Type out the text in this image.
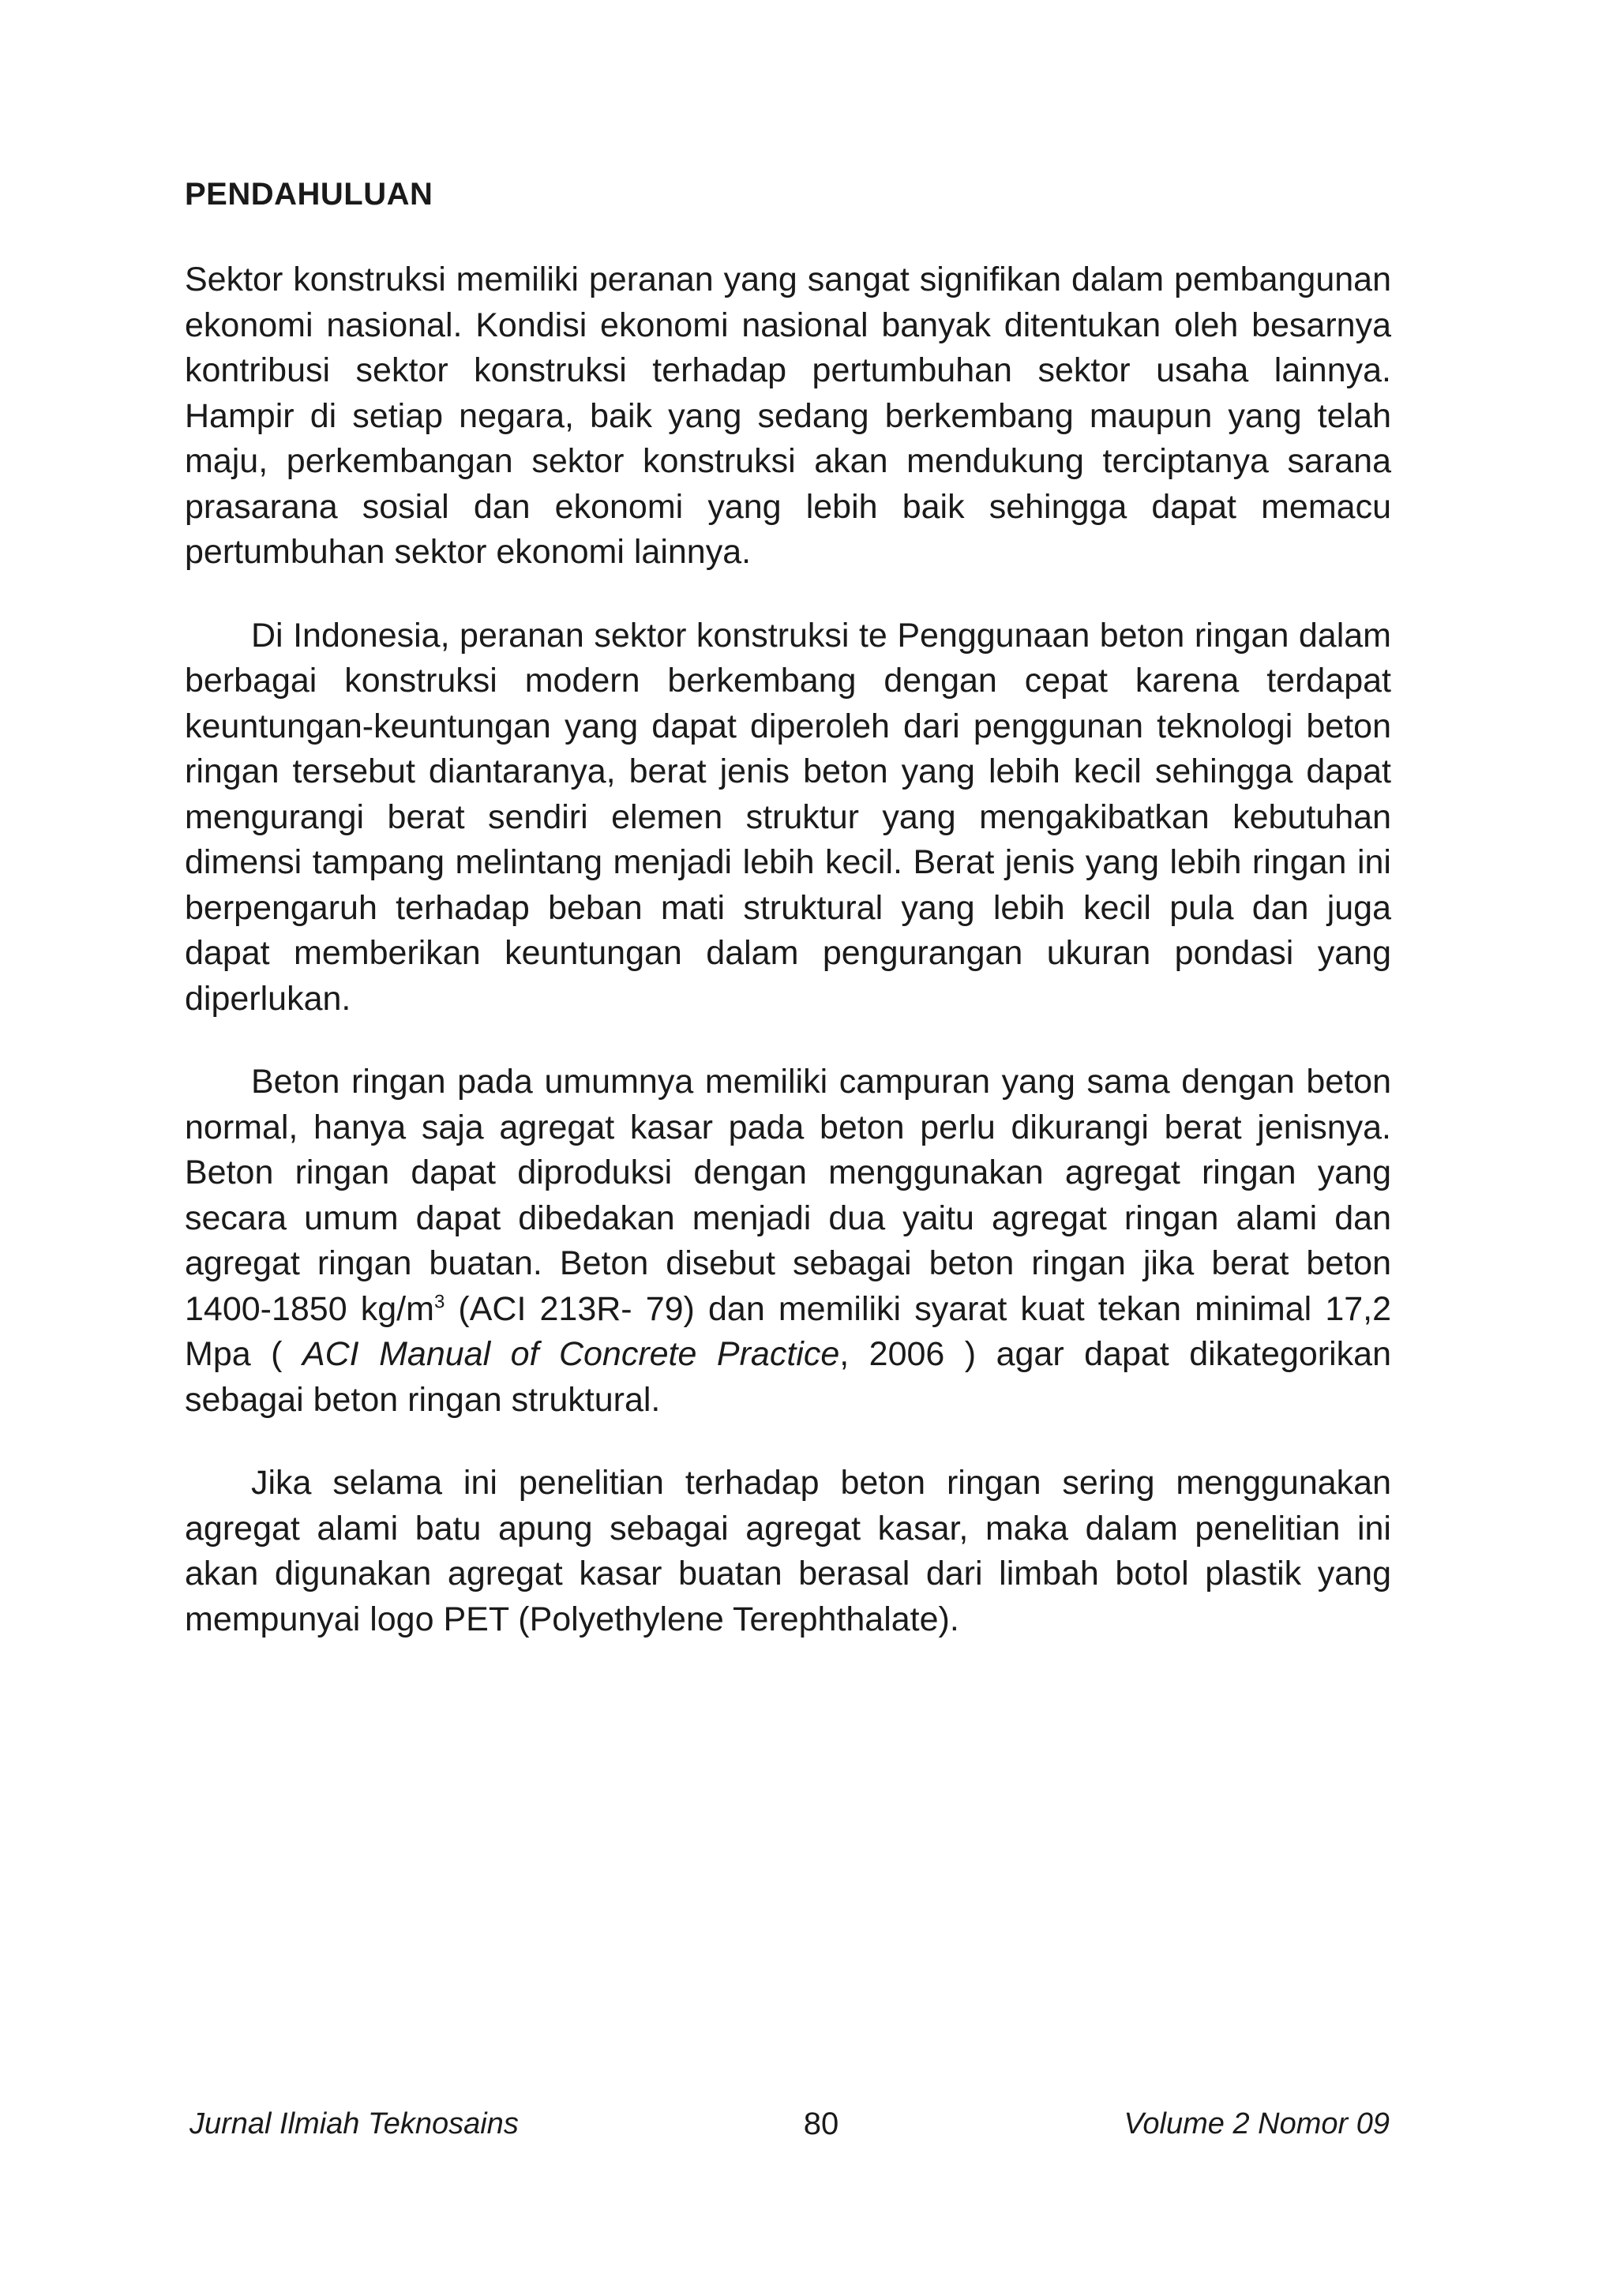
PENDAHULUAN

Sektor konstruksi memiliki peranan yang sangat signifikan dalam pembangunan ekonomi nasional. Kondisi ekonomi nasional banyak ditentukan oleh besarnya kontribusi sektor konstruksi terhadap pertumbuhan sektor usaha lainnya. Hampir di setiap negara, baik yang sedang berkembang maupun yang telah maju, perkembangan sektor konstruksi akan mendukung terciptanya sarana prasarana sosial dan ekonomi yang lebih baik sehingga dapat memacu pertumbuhan sektor ekonomi lainnya.

Di Indonesia, peranan sektor konstruksi te Penggunaan beton ringan dalam berbagai konstruksi modern berkembang dengan cepat karena terdapat keuntungan-keuntungan yang dapat diperoleh dari penggunan teknologi beton ringan tersebut diantaranya, berat jenis beton yang lebih kecil sehingga dapat mengurangi berat sendiri elemen struktur yang mengakibatkan kebutuhan dimensi tampang melintang menjadi lebih kecil. Berat jenis yang lebih ringan ini berpengaruh terhadap beban mati struktural yang lebih kecil pula dan juga dapat memberikan keuntungan dalam pengurangan ukuran pondasi yang diperlukan.

Beton ringan pada umumnya memiliki campuran yang sama dengan beton normal, hanya saja agregat kasar pada beton perlu dikurangi berat jenisnya. Beton ringan dapat diproduksi dengan menggunakan agregat ringan yang secara umum dapat dibedakan menjadi dua yaitu agregat ringan alami dan agregat ringan buatan. Beton disebut sebagai beton ringan jika berat beton 1400-1850 $kg/m^3$ (ACI 213R- 79) dan memiliki syarat kuat tekan minimal 17,2 Mpa ( ACI Manual of Concrete Practice, 2006 ) agar dapat dikategorikan sebagai beton ringan struktural.

Jika selama ini penelitian terhadap beton ringan sering menggunakan agregat alami batu apung sebagai agregat kasar, maka dalam penelitian ini akan digunakan agregat kasar buatan berasal dari limbah botol plastik yang mempunyai logo PET (Polyethylene Terephthalate).

Jurnal Ilmiah Teknosains	80	Volume 2 Nomor 09
